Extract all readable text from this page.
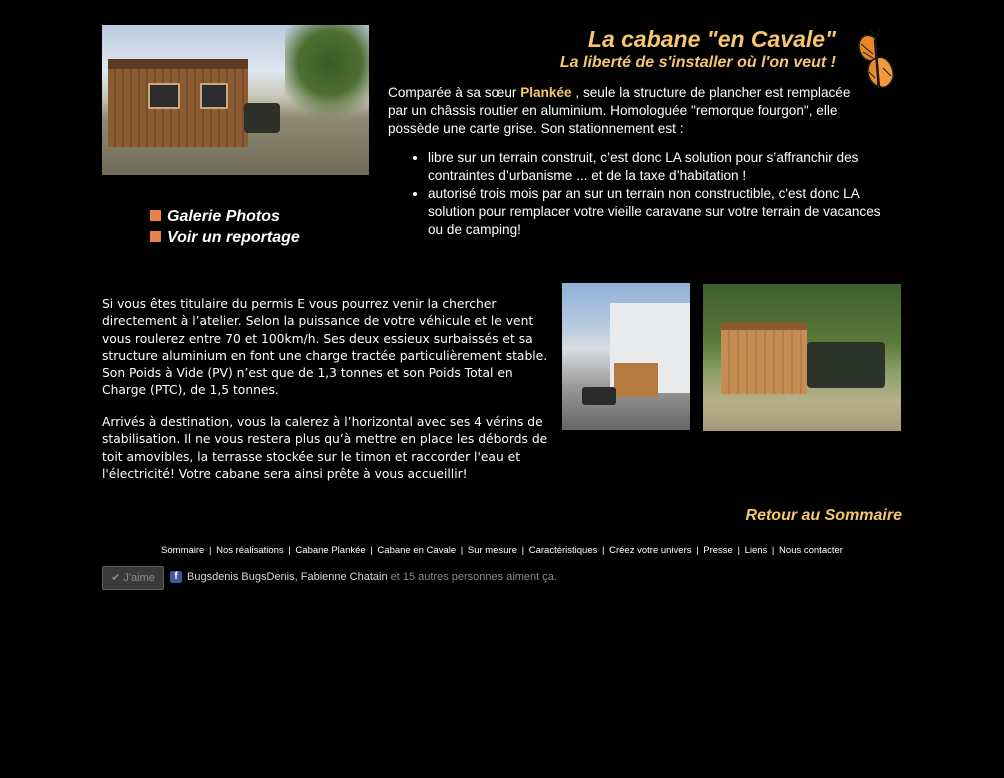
Galerie Photos
Voir un reportage
La cabane "en Cavale"
La liberté de s'installer où l'on veut !
Comparée à sa sœur Plankée , seule la structure de plancher est remplacée par un châssis routier en aluminium. Homologuée "remorque fourgon", elle possède une carte grise. Son stationnement est :
• libre sur un terrain construit, c’est donc LA solution pour s’affranchir des contraintes d’urbanisme ... et de la taxe d’habitation !
• autorisé trois mois par an sur un terrain non constructible, c'est donc LA solution pour remplacer votre vieille caravane sur votre terrain de vacances ou de camping!
Si vous êtes titulaire du permis E vous pourrez venir la chercher directement à l’atelier. Selon la puissance de votre véhicule et le vent vous roulerez entre 70 et 100km/h. Ses deux essieux surbaissés et sa structure aluminium en font une charge tractée particulièrement stable. Son Poids à Vide (PV) n’est que de 1,3 tonnes et son Poids Total en Charge (PTC), de 1,5 tonnes.
Arrivés à destination, vous la calerez à l’horizontal avec ses 4 vérins de stabilisation. Il ne vous restera plus qu’à mettre en place les débords de toit amovibles, la terrasse stockée sur le timon et raccorder l'eau et l'électricité! Votre cabane sera ainsi prête à vous accueillir!
Retour au Sommaire
Sommaire | Nos réalisations | Cabane Plankée | Cabane en Cavale | Sur mesure | Caractéristiques | Créez votre univers | Presse | Liens | Nous contacter
✔ J'aime	f Bugsdenis BugsDenis, Fabienne Chatain et 15 autres personnes aiment ça.
